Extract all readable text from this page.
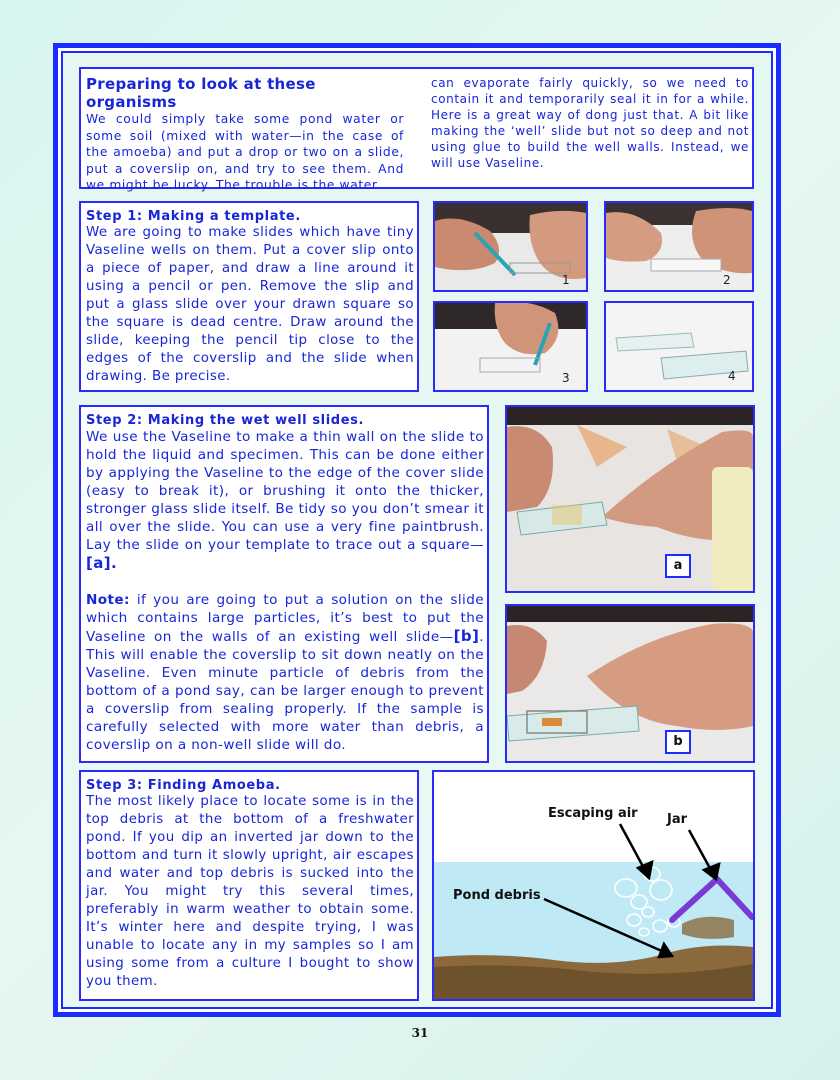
Preparing to look at these organisms
We could simply take some pond water or some soil (mixed with water—in the case of the amoeba) and put a drop or two on a slide, put a coverslip on, and try to see them. And we might be lucky. The trouble is the water
can evaporate fairly quickly, so we need to contain it and temporarily seal it in for a while. Here is a great way of dong just that. A bit like making the ‘well’ slide but not so deep and not using glue to build the well walls. Instead, we will use Vaseline.
Step 1: Making a template.
We are going to make slides which have tiny Vaseline wells on them. Put a cover slip onto a piece of paper, and draw a line around it using a pencil or pen. Remove the slip and put a glass slide over your drawn square so the square is dead centre. Draw around the slide, keeping the pencil tip close to the edges of the coverslip and the slide when drawing. Be precise.
1	2
3	4
Step 2: Making the wet well slides.
We use the Vaseline to make a thin wall on the slide to hold the liquid and specimen. This can be done either by applying the Vaseline to the edge of the cover slide (easy to break it), or brushing it onto the thicker, stronger glass slide itself. Be tidy so you don’t smear it all over the slide. You can use a very fine paintbrush. Lay the slide on your template to trace out a square—[a].
Note: if you are going to put a solution on the slide which contains large particles, it’s best to put the Vaseline on the walls of an existing well slide—[b]. This will enable the coverslip to sit down neatly on the Vaseline. Even minute particle of debris from the bottom of a pond say, can be larger enough to prevent a coverslip from sealing properly. If the sample is carefully selected with more water than debris, a coverslip on a non-well slide will do.
a
b
Step 3: Finding Amoeba.
The most likely place to locate some is in the top debris at the bottom of a freshwater pond. If you dip an inverted jar down to the bottom and turn it slowly upright, air escapes and water and top debris is sucked into the jar. You might try this several times, preferably in warm weather to obtain some. It’s winter here and despite trying, I was unable to locate any in my samples so I am using some from a culture I bought to show you them.
Escaping air Jar
Pond debris
31
